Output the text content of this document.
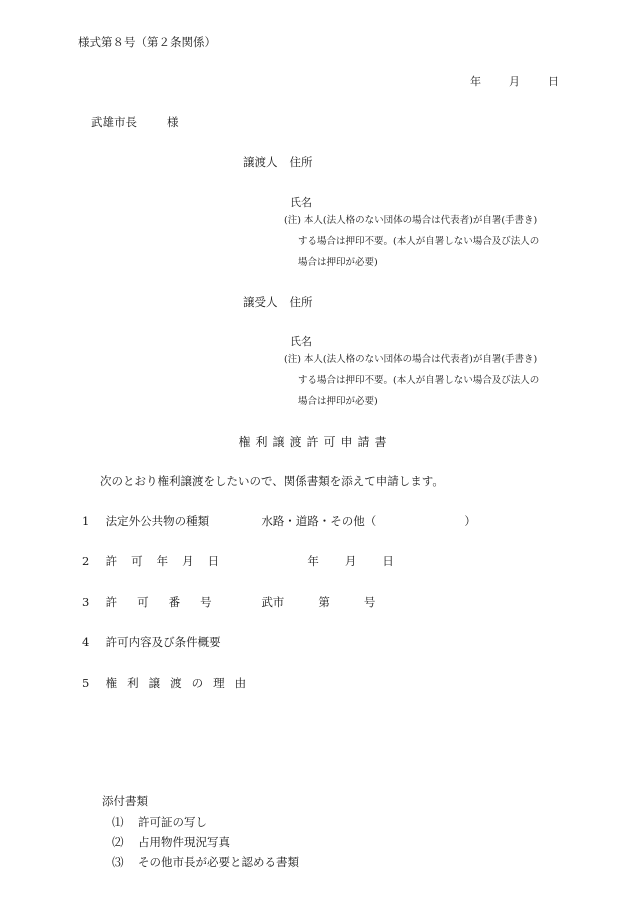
様式第８号（第２条関係）
年	月	日
武雄市長	様
譲渡人 住所
氏名
(注) 本人(法人格のない団体の場合は代表者)が自署(手書き)
する場合は押印不要。(本人が自署しない場合及び法人の
場合は押印が必要)
譲受人 住所
氏名
(注) 本人(法人格のない団体の場合は代表者)が自署(手書き)
する場合は押印不要。(本人が自署しない場合及び法人の
場合は押印が必要)
権利譲渡許可申請書
次のとおり権利譲渡をしたいので、関係書類を添えて申請します。
1 法定外公共物の種類	水路・道路・その他（	）
2 許可年月日	年 月 日
3 許可番号	武市	第	号
4 許可内容及び条件概要
5 権利譲渡の理由
添付書類
⑴ 許可証の写し
⑵ 占用物件現況写真
⑶ その他市長が必要と認める書類
